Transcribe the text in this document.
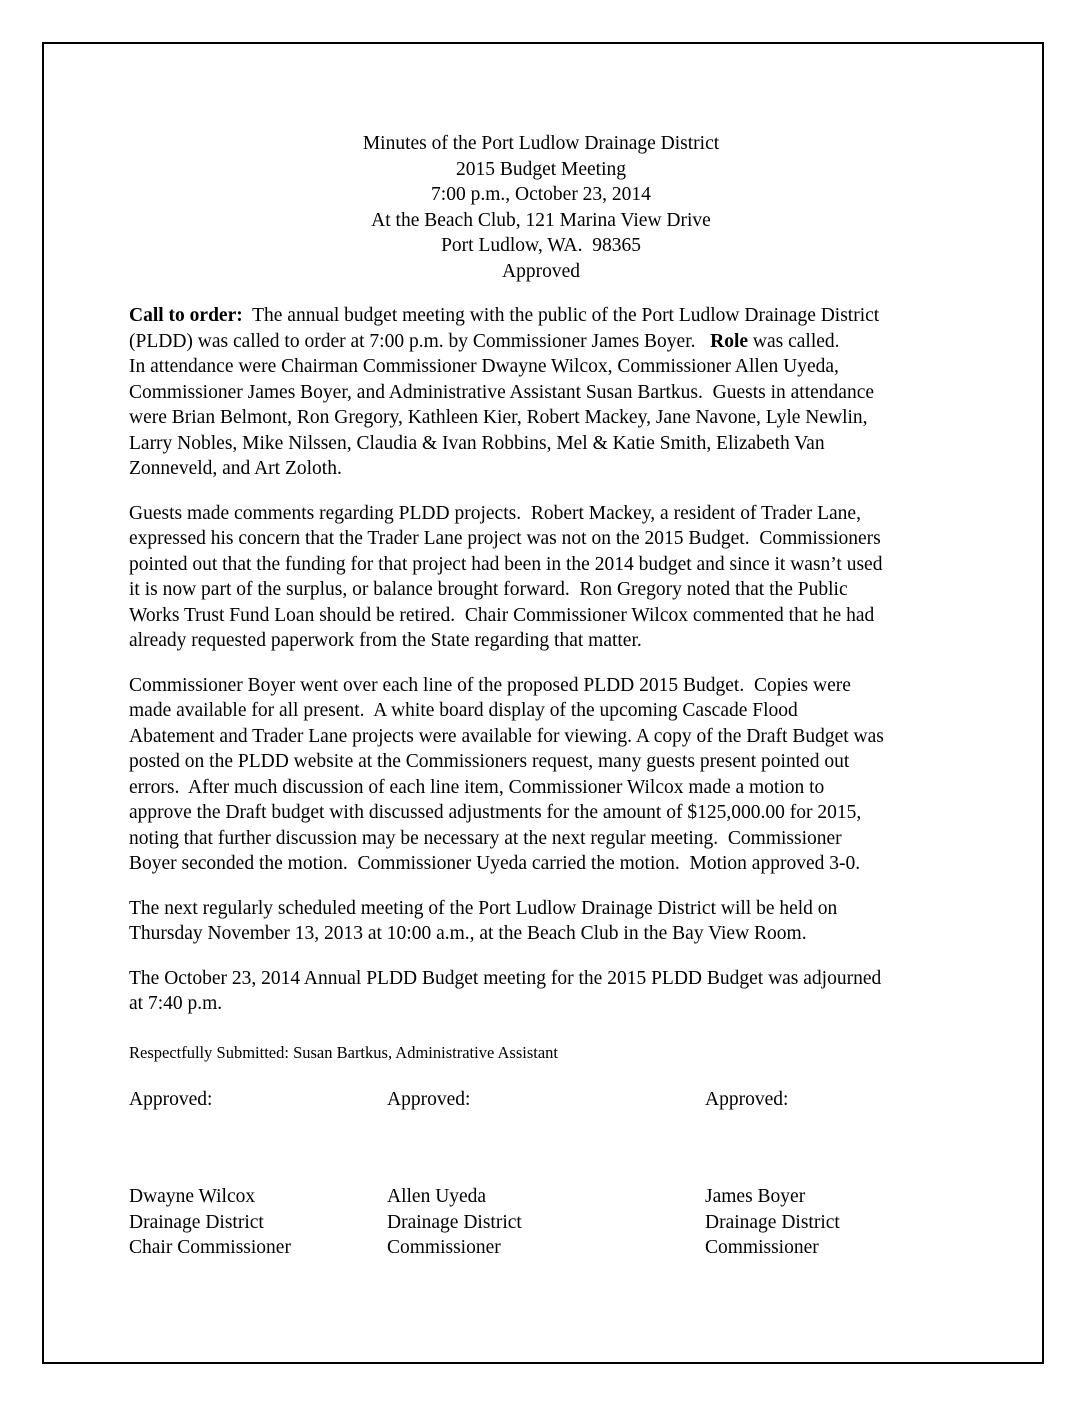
Minutes of the Port Ludlow Drainage District
2015 Budget Meeting
7:00 p.m., October 23, 2014
At the Beach Club, 121 Marina View Drive
Port Ludlow, WA.  98365
Approved
Call to order:  The annual budget meeting with the public of the Port Ludlow Drainage District
(PLDD) was called to order at 7:00 p.m. by Commissioner James Boyer.   Role was called.
In attendance were Chairman Commissioner Dwayne Wilcox, Commissioner Allen Uyeda,
Commissioner James Boyer, and Administrative Assistant Susan Bartkus.  Guests in attendance
were Brian Belmont, Ron Gregory, Kathleen Kier, Robert Mackey, Jane Navone, Lyle Newlin,
Larry Nobles, Mike Nilssen, Claudia & Ivan Robbins, Mel & Katie Smith, Elizabeth Van
Zonneveld, and Art Zoloth.
Guests made comments regarding PLDD projects.  Robert Mackey, a resident of Trader Lane,
expressed his concern that the Trader Lane project was not on the 2015 Budget.  Commissioners
pointed out that the funding for that project had been in the 2014 budget and since it wasn’t used
it is now part of the surplus, or balance brought forward.  Ron Gregory noted that the Public
Works Trust Fund Loan should be retired.  Chair Commissioner Wilcox commented that he had
already requested paperwork from the State regarding that matter.
Commissioner Boyer went over each line of the proposed PLDD 2015 Budget.  Copies were
made available for all present.  A white board display of the upcoming Cascade Flood
Abatement and Trader Lane projects were available for viewing. A copy of the Draft Budget was
posted on the PLDD website at the Commissioners request, many guests present pointed out
errors.  After much discussion of each line item, Commissioner Wilcox made a motion to
approve the Draft budget with discussed adjustments for the amount of $125,000.00 for 2015,
noting that further discussion may be necessary at the next regular meeting.  Commissioner
Boyer seconded the motion.  Commissioner Uyeda carried the motion.  Motion approved 3-0.
The next regularly scheduled meeting of the Port Ludlow Drainage District will be held on
Thursday November 13, 2013 at 10:00 a.m., at the Beach Club in the Bay View Room.
The October 23, 2014 Annual PLDD Budget meeting for the 2015 PLDD Budget was adjourned
at 7:40 p.m.
Respectfully Submitted: Susan Bartkus, Administrative Assistant
Approved:	Approved:	Approved:
Dwayne Wilcox
Drainage District
Chair Commissioner
Allen Uyeda
Drainage District
Commissioner
James Boyer
Drainage District
Commissioner
